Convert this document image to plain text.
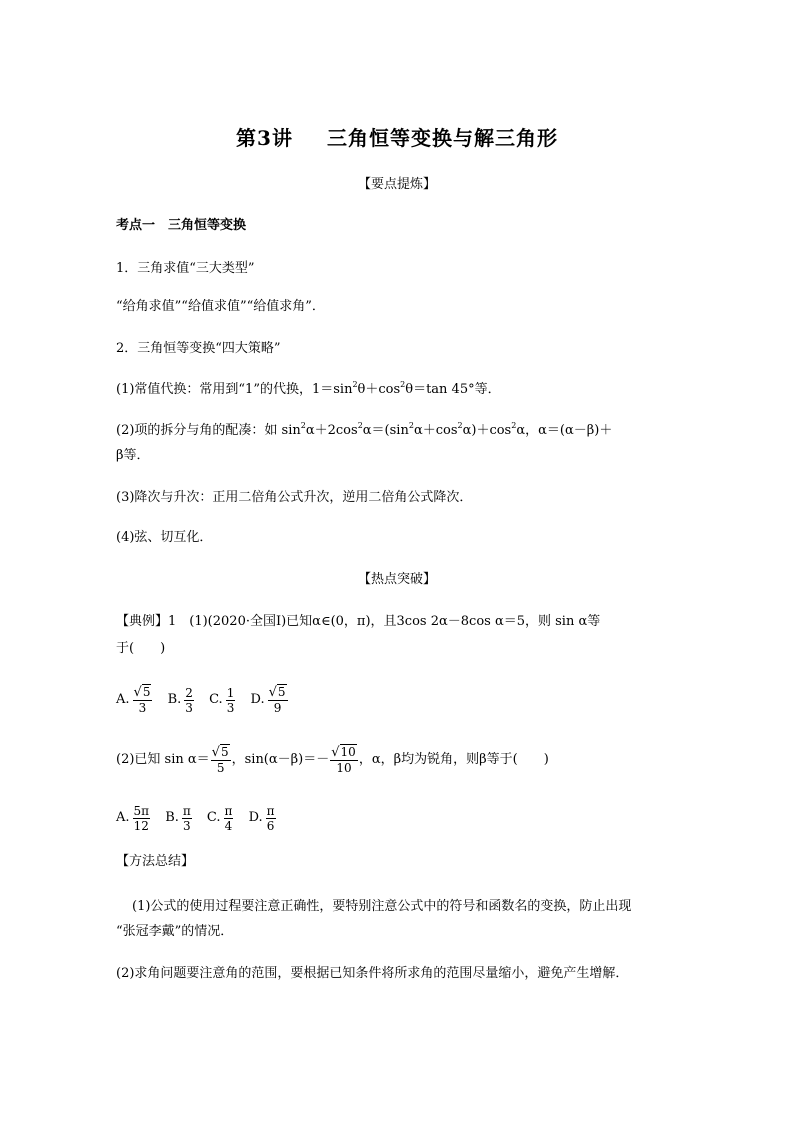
第3讲 三角恒等变换与解三角形
【要点提炼】
考点一　三角恒等变换
1．三角求值“三大类型”
“给角求值”“给值求值”“给值求角”．
2．三角恒等变换“四大策略”
(1)常值代换：常用到“1”的代换，$1=\sin^2\theta+\cos^2\theta=\tan$ 45°等．
(2)项的拆分与角的配凑：如 $\sin^2\alpha+2\cos^2\alpha=(\sin^2\alpha+\cos^2\alpha)+\cos^2\alpha$，α＝(α－β)＋
β等．
(3)降次与升次：正用二倍角公式升次，逆用二倍角公式降次．
(4)弦、切互化．
【热点突破】
【典例】1　(1)(2020·全国Ⅰ)已知α∈(0，π)，且3cos 2α－8cos α＝5，则 sin α等
于(　　)
A. $\frac{√5}{3}$
B. $\frac{2}{3}$
C. $\frac{1}{3}$
D. $\frac{√5}{9}$
(2)已知 $\sin \alpha= \frac{√5}{5}$ ，$\sin(\alpha-\beta)=- \frac{√10}{10}$ ，α，β均为锐角，则β等于(　　)
A. $\frac{5\pi}{12}$
B. $\frac{\pi}{3}$
C. $\frac{\pi}{4}$
D. $\frac{\pi}{6}$
【方法总结】
(1)公式的使用过程要注意正确性，要特别注意公式中的符号和函数名的变换，防止出现
“张冠李戴”的情况．
(2)求角问题要注意角的范围，要根据已知条件将所求角的范围尽量缩小，避免产生增解．
